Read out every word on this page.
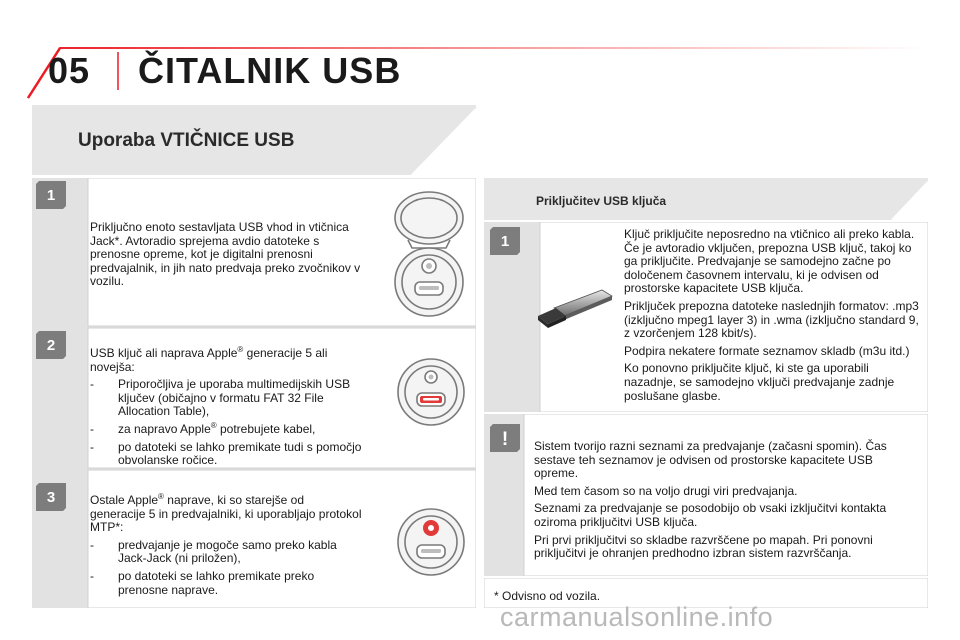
05 ČITALNIK USB
Uporaba VTIČNICE USB
1
2
3

Priključno enoto sestavljata USB vhod in vtičnica Jack*. Avtoradio sprejema avdio datoteke s prenosne opreme, kot je digitalni prenosni predvajalnik, in jih nato predvaja preko zvočnikov v vozilu.

USB ključ ali naprava Apple® generacije 5 ali novejša:

- Priporočljiva je uporaba multimedijskih USB ključev (običajno v formatu FAT 32 File Allocation Table),
- za napravo Apple® potrebujete kabel,
- po datoteki se lahko premikate tudi s pomočjo obvolanske ročice.

Ostale Apple® naprave, ki so starejše od generacije 5 in predvajalniki, ki uporabljajo protokol MTP*:

- predvajanje je mogoče samo preko kabla Jack-Jack (ni priložen),
- po datoteki se lahko premikate preko prenosne naprave.
Priključitev USB ključa
1	Ključ priključite neposredno na vtičnico ali preko kabla. Če je avtoradio vključen, prepozna USB ključ, takoj ko ga priključite. Predvajanje se samodejno začne po določenem časovnem intervalu, ki je odvisen od prostorske kapacitete USB ključa.

Priključek prepozna datoteke naslednjih formatov: .mp3 (izključno mpeg1 layer 3) in .wma (izključno standard 9, z vzorčenjem 128 kbit/s).

Podpira nekatere formate seznamov skladb (m3u itd.)

Ko ponovno priključite ključ, ki ste ga uporabili nazadnje, se samodejno vključi predvajanje zadnje poslušane glasbe.

! Sistem tvorijo razni seznami za predvajanje (začasni spomin). Čas sestave teh seznamov je odvisen od prostorske kapacitete USB opreme.

Med tem časom so na voljo drugi viri predvajanja.

Seznami za predvajanje se posodobijo ob vsaki izključitvi kontakta oziroma priključitvi USB ključa.

Pri prvi priključitvi so skladbe razvrščene po mapah. Pri ponovni priključitvi je ohranjen predhodno izbran sistem razvrščanja.

* Odvisno od vozila.
carmanualsonline.info
